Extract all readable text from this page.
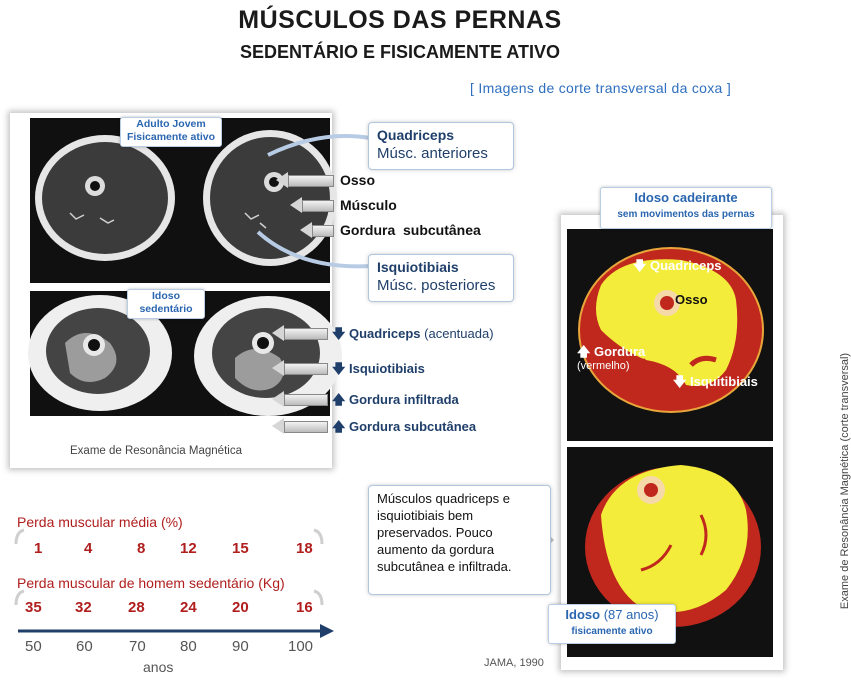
MÚSCULOS DAS PERNAS
SEDENTÁRIO E FISICAMENTE ATIVO
[ Imagens de corte transversal da coxa ]
Adulto Jovem
Fisicamente ativo
Idoso
sedentário
Exame de Resonância Magnética
Quadriceps
Músc. anteriores
Isquiotibiais
Músc. posteriores
Osso
Músculo
Gordura  subcutânea
🡇 Quadriceps (acentuada)
🡇 Isquiotibiais
🡅 Gordura infiltrada
🡅 Gordura subcutânea
Perda muscular média (%)
1	4	8 12 15	18
Perda muscular de homem sedentário (Kg)
35 32 28 24 20	16
50 60 70 80 90	100
anos
🡇 Quadriceps
Osso
🡅 Gordura
(vermelho)
🡇 Isquitibiais	Exame de Resonância Magnética (corte transversal)
Idoso cadeirante
sem movimentos das pernas
Idoso (87 anos)
fisicamente ativo
Músculos quadriceps e isquiotibiais bem preservados. Pouco aumento da gordura subcutânea e infiltrada.
JAMA, 1990
